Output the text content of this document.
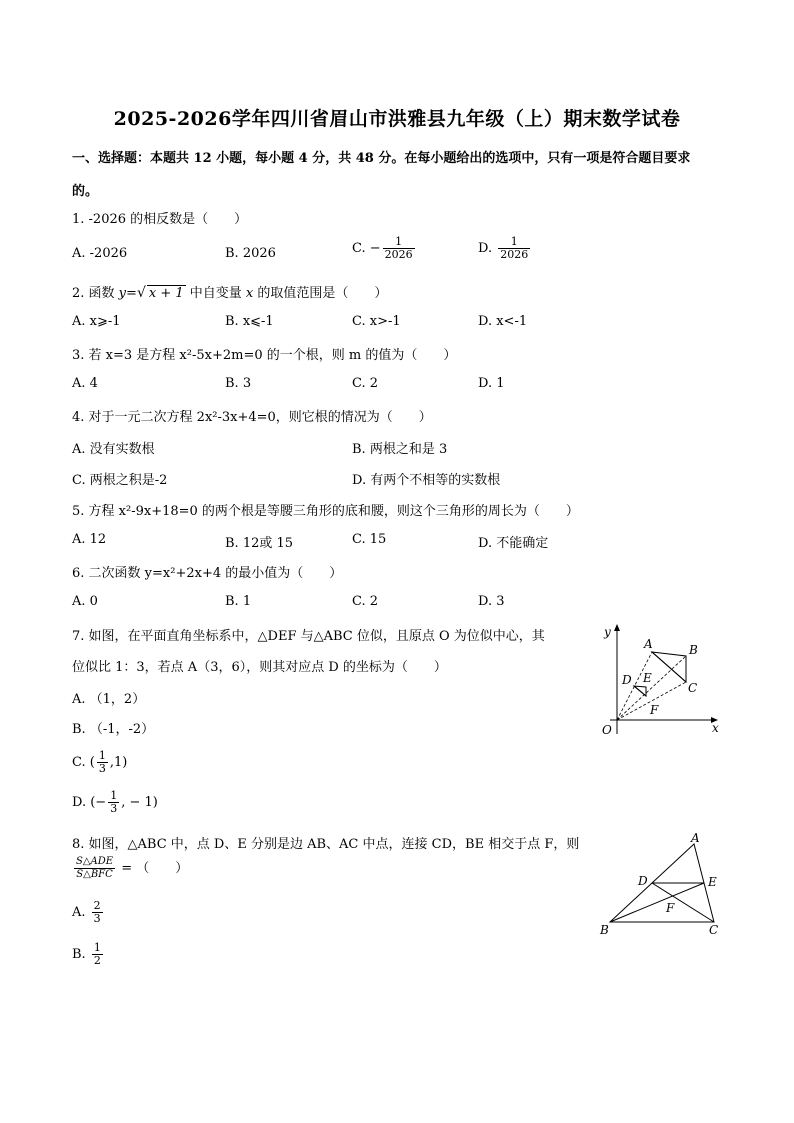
2025-2026学年四川省眉山市洪雅县九年级（上）期末数学试卷
一、选择题：本题共 12 小题，每小题 4 分，共 48 分。在每小题给出的选项中，只有一项是符合题目要求
的。
1. -2026 的相反数是（　　）
A. -2026	B. 2026	C. − $\frac{1}{2026}$	D. $\frac{1}{2026}$
2. 函数 y=√ x + 1 中自变量 x 的取值范围是（　　）
A. x⩾-1	B. x⩽-1	C. x>-1	D. x<-1
3. 若 x=3 是方程 x²-5x+2m=0 的一个根，则 m 的值为（　　）
A. 4	B. 3	C. 2	D. 1
4. 对于一元二次方程 2x²-3x+4=0，则它根的情况为（　　）
A. 没有实数根	B. 两根之和是 3
C. 两根之积是-2	D. 有两个不相等的实数根
5. 方程 x²-9x+18=0 的两个根是等腰三角形的底和腰，则这个三角形的周长为（　　）
A. 12	B. 12或 15	C. 15	D. 不能确定
6. 二次函数 y=x²+2x+4 的最小值为（　　）
A. 0	B. 1	C. 2	D. 3
7. 如图，在平面直角坐标系中，△DEF 与△ABC 位似，且原点 O 为位似中心，其
位似比 1：3，若点 A（3，6），则其对应点 D 的坐标为（　　）
A. （1，2）
B. （-1，-2）
C. ( $\frac{1}{3} ,1$)
D. (− $\frac{1}{3}$ , − 1)
y
x
O
A	B
C
D E
F
8. 如图，△ABC 中，点 D、E 分别是边 AB、AC 中点，连接 CD，BE 相交于点 F，则
$\frac{\text{S△ADE}}{\text{S△BFC}}$ = （　　）
A. $\frac{2}{3}$
B. $\frac{1}{2}$
A
B	C
D	E
F
